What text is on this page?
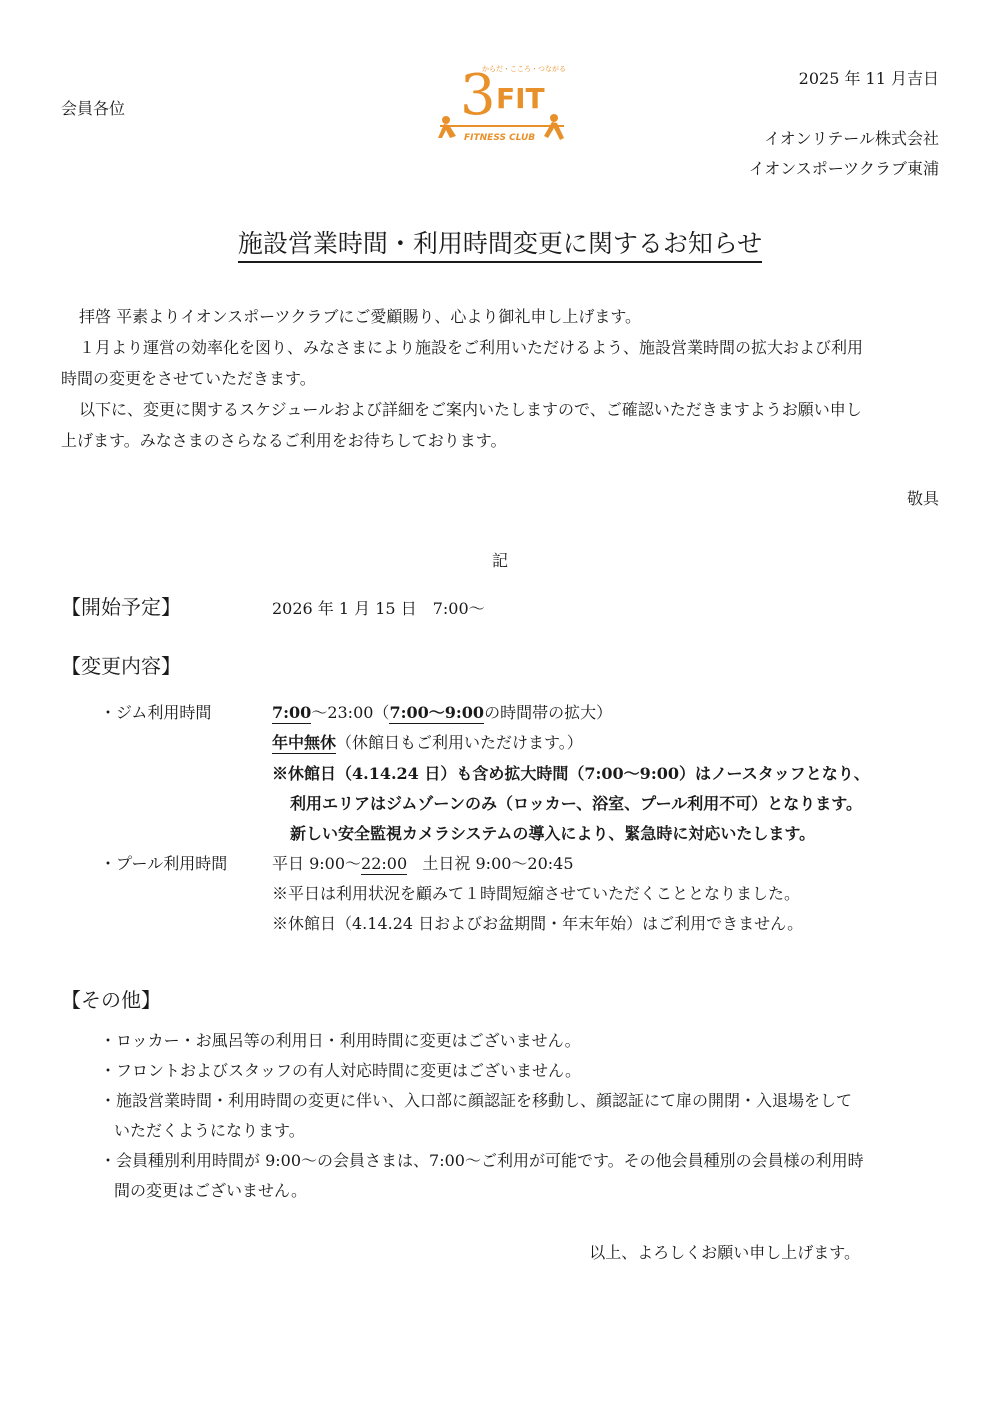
会員各位
2025 年 11 月吉日
イオンリテール株式会社
イオンスポーツクラブ東浦
3
からだ・こころ・つながる
FIT
FITNESS CLUB
施設営業時間・利用時間変更に関するお知らせ
拝啓 平素よりイオンスポーツクラブにご愛顧賜り、心より御礼申し上げます。
１月より運営の効率化を図り、みなさまにより施設をご利用いただけるよう、施設営業時間の拡大および利用
時間の変更をさせていただきます。
以下に、変更に関するスケジュールおよび詳細をご案内いたしますので、ご確認いただきますようお願い申し
上げます。みなさまのさらなるご利用をお待ちしております。
敬具
記
【開始予定】	2026 年 1 月 15 日　7:00～
【変更内容】
・ジム利用時間	7:00～23:00（7:00～9:00の時間帯の拡大）
年中無休（休館日もご利用いただけます。）
※休館日（4.14.24 日）も含め拡大時間（7:00～9:00）はノースタッフとなり、
利用エリアはジムゾーンのみ（ロッカー、浴室、プール利用不可）となります。
新しい安全監視カメラシステムの導入により、緊急時に対応いたします。
・プール利用時間	平日 9:00～22:00 土日祝 9:00～20:45
※平日は利用状況を顧みて１時間短縮させていただくこととなりました。
※休館日（4.14.24 日およびお盆期間・年末年始）はご利用できません。
【その他】
・ロッカー・お風呂等の利用日・利用時間に変更はございません。
・フロントおよびスタッフの有人対応時間に変更はございません。
・施設営業時間・利用時間の変更に伴い、入口部に顔認証を移動し、顔認証にて扉の開閉・入退場をして
いただくようになります。
・会員種別利用時間が 9:00～の会員さまは、7:00～ご利用が可能です。その他会員種別の会員様の利用時
間の変更はございません。
以上、よろしくお願い申し上げます。
